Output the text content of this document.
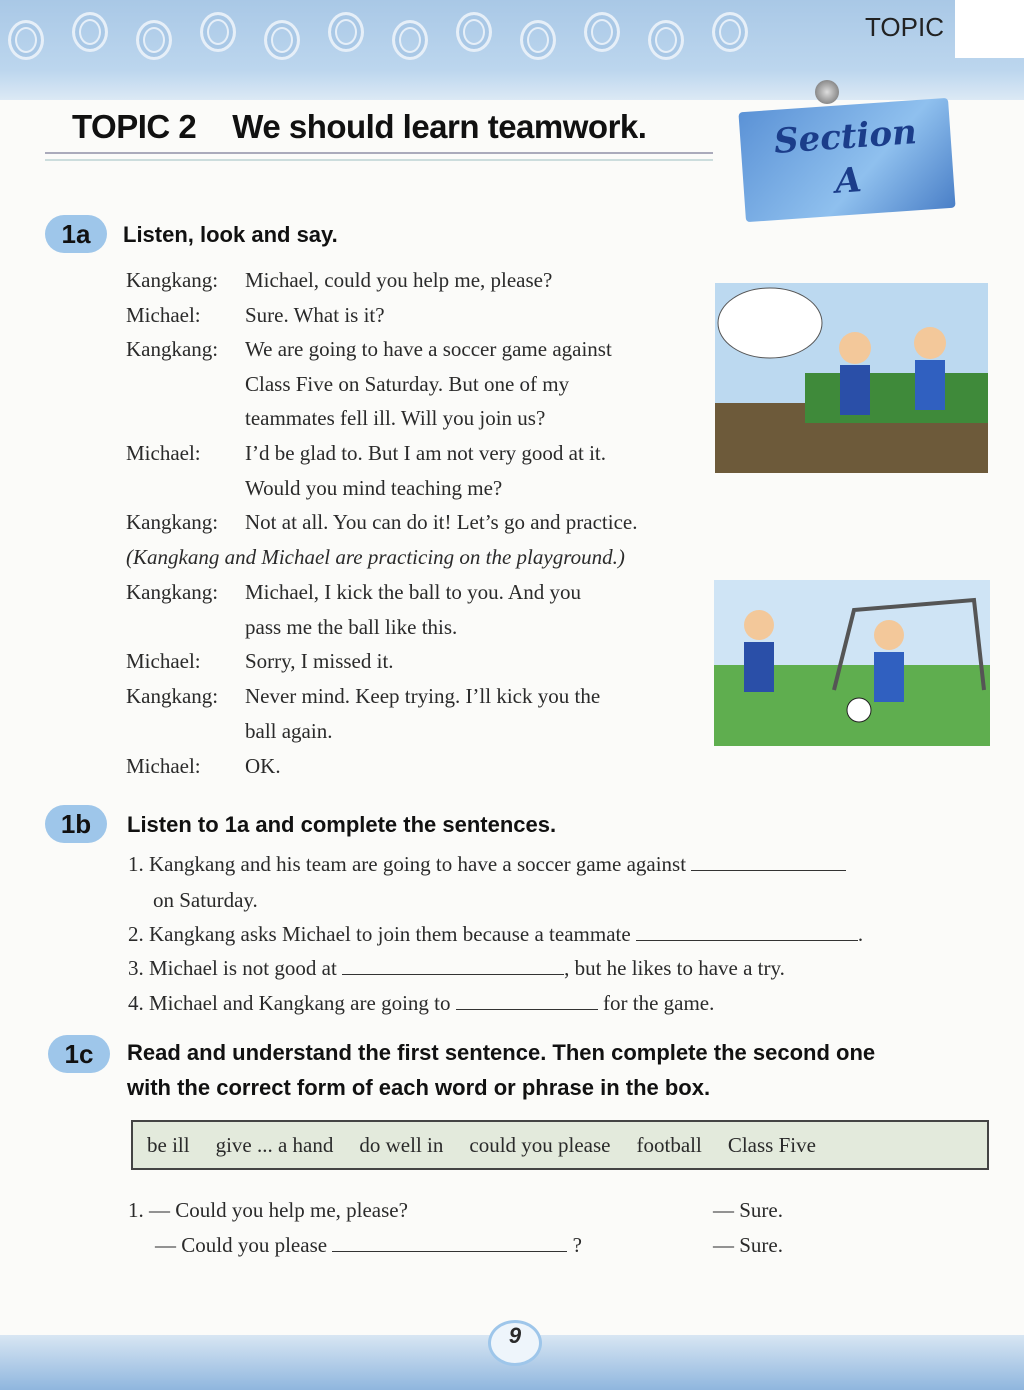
TOPIC
TOPIC 2 We should learn teamwork.	Section
A
1a	Listen, look and say.
Kangkang: Michael, could you help me, please?
Michael: Sure. What is it?
Kangkang: We are going to have a soccer game against
Class Five on Saturday. But one of my
teammates fell ill. Will you join us?
Michael: I’d be glad to. But I am not very good at it.
Would you mind teaching me?
Kangkang: Not at all. You can do it! Let’s go and practice.
(Kangkang and Michael are practicing on the playground.)
Kangkang: Michael, I kick the ball to you. And you
pass me the ball like this.
Michael: Sorry, I missed it.
Kangkang: Never mind. Keep trying. I’ll kick you the
ball again.
Michael: OK.
1b	Listen to 1a and complete the sentences.
1. Kangkang and his team are going to have a soccer game against
on Saturday.
2. Kangkang asks Michael to join them because a teammate	.
3. Michael is not good at	, but he likes to have a try.
4. Michael and Kangkang are going to	for the game.
1c	Read and understand the first sentence. Then complete the second one
with the correct form of each word or phrase in the box.
be ill give ... a hand do well in could you please football Class Five
1. — Could you help me, please?	— Sure.
— Could you please	?	— Sure.
9
